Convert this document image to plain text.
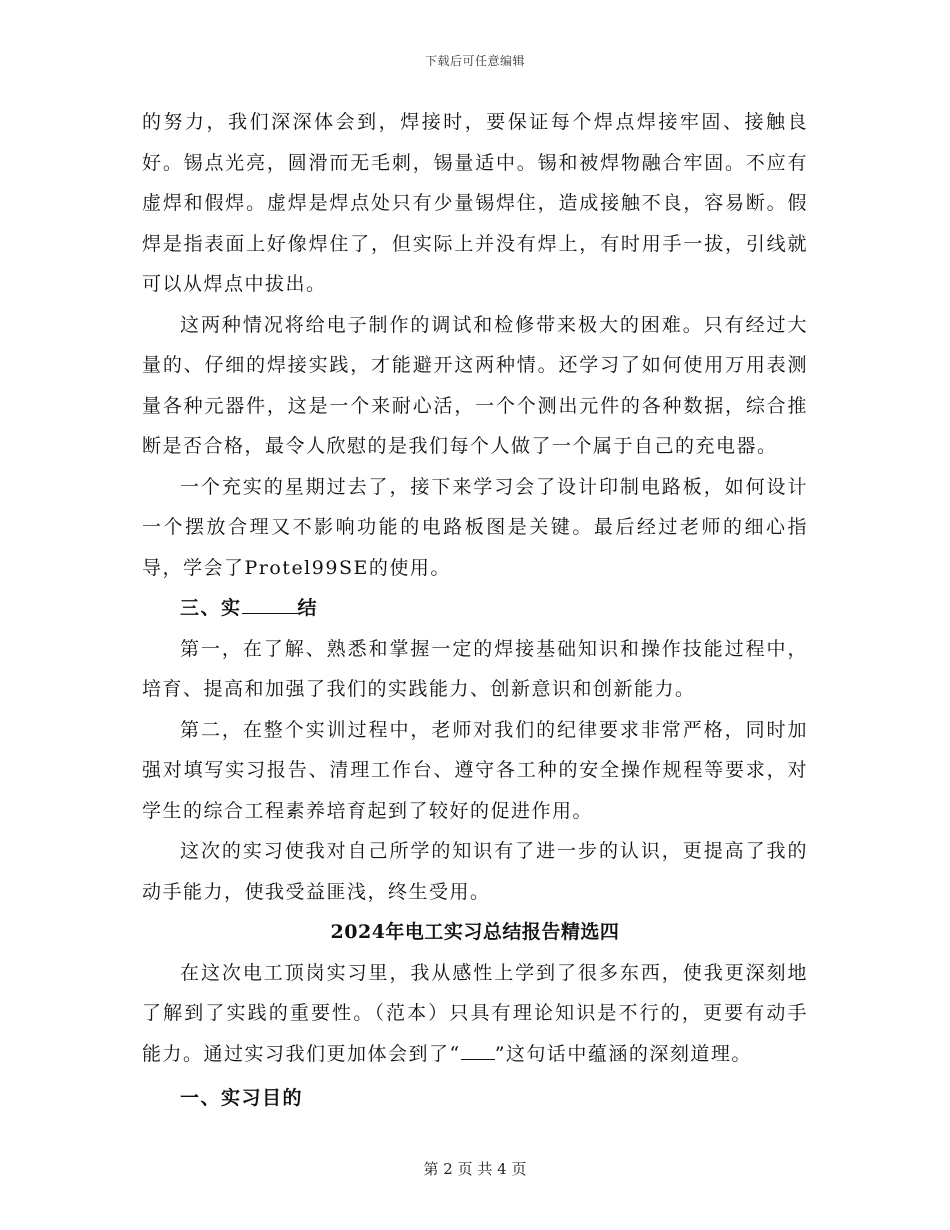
下载后可任意编辑

的努力，我们深深体会到，焊接时，要保证每个焊点焊接牢固、接触良好。锡点光亮，圆滑而无毛刺，锡量适中。锡和被焊物融合牢固。不应有虚焊和假焊。虚焊是焊点处只有少量锡焊住，造成接触不良，容易断。假焊是指表面上好像焊住了，但实际上并没有焊上，有时用手一拔，引线就可以从焊点中拔出。

这两种情况将给电子制作的调试和检修带来极大的困难。只有经过大量的、仔细的焊接实践，才能避开这两种情。还学习了如何使用万用表测量各种元器件，这是一个来耐心活，一个个测出元件的各种数据，综合推断是否合格，最令人欣慰的是我们每个人做了一个属于自己的充电器。

一个充实的星期过去了，接下来学习会了设计印制电路板，如何设计一个摆放合理又不影响功能的电路板图是关键。最后经过老师的细心指导，学会了Protel99SE的使用。

三、实	结

第一，在了解、熟悉和掌握一定的焊接基础知识和操作技能过程中，培育、提高和加强了我们的实践能力、创新意识和创新能力。

第二，在整个实训过程中，老师对我们的纪律要求非常严格，同时加强对填写实习报告、清理工作台、遵守各工种的安全操作规程等要求，对学生的综合工程素养培育起到了较好的促进作用。

这次的实习使我对自己所学的知识有了进一步的认识，更提高了我的动手能力，使我受益匪浅，终生受用。

2024年电工实习总结报告精选四

在这次电工顶岗实习里，我从感性上学到了很多东西，使我更深刻地了解到了实践的重要性。（范本）只具有理论知识是不行的，更要有动手能力。通过实习我们更加体会到了“ ”这句话中蕴涵的深刻道理。

一、实习目的

第 2 页 共 4 页
